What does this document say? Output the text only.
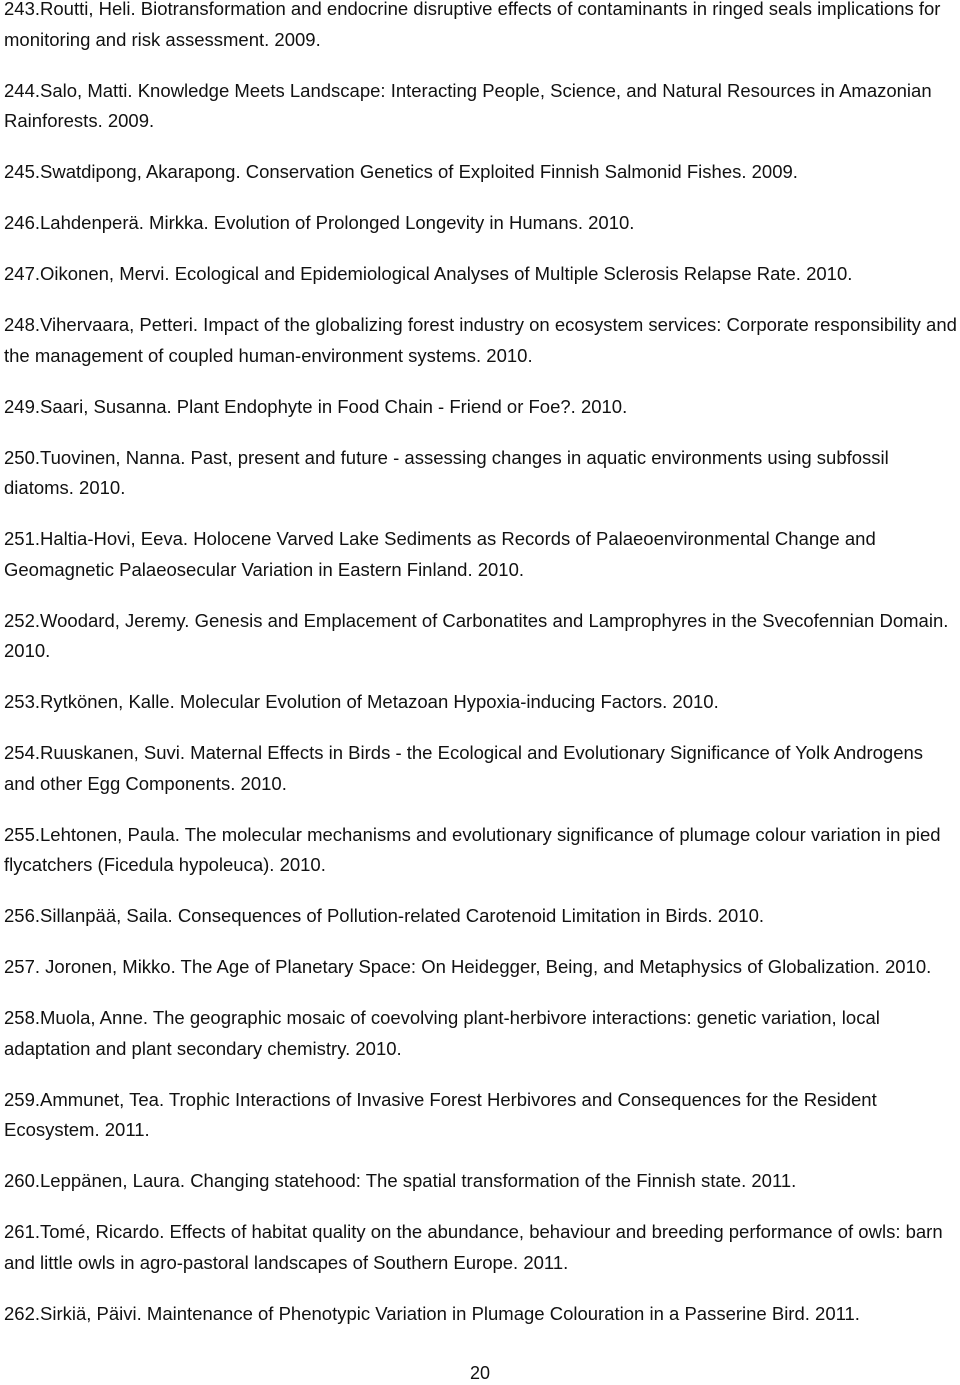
243.Routti, Heli. Biotransformation and endocrine disruptive effects of contaminants in ringed seals implications for monitoring and risk assessment. 2009.

244.Salo, Matti. Knowledge Meets Landscape: Interacting People, Science, and Natural Resources in Amazonian Rainforests. 2009.

245.Swatdipong, Akarapong. Conservation Genetics of Exploited Finnish Salmonid Fishes. 2009.

246.Lahdenperä. Mirkka. Evolution of Prolonged Longevity in Humans. 2010.

247.Oikonen, Mervi. Ecological and Epidemiological Analyses of Multiple Sclerosis Relapse Rate. 2010.

248.Vihervaara, Petteri. Impact of the globalizing forest industry on ecosystem services: Corporate responsibility and the management of coupled human-environment systems. 2010.

249.Saari, Susanna. Plant Endophyte in Food Chain - Friend or Foe?. 2010.

250.Tuovinen, Nanna. Past, present and future - assessing changes in aquatic environments using subfossil diatoms. 2010.

251.Haltia-Hovi, Eeva. Holocene Varved Lake Sediments as Records of Palaeoenvironmental Change and Geomagnetic Palaeosecular Variation in Eastern Finland. 2010.

252.Woodard, Jeremy. Genesis and Emplacement of Carbonatites and Lamprophyres in the Svecofennian Domain. 2010.

253.Rytkönen, Kalle. Molecular Evolution of Metazoan Hypoxia-inducing Factors. 2010.

254.Ruuskanen, Suvi. Maternal Effects in Birds - the Ecological and Evolutionary Significance of Yolk Androgens and other Egg Components. 2010.

255.Lehtonen, Paula. The molecular mechanisms and evolutionary significance of plumage colour variation in pied flycatchers (Ficedula hypoleuca). 2010.

256.Sillanpää, Saila. Consequences of Pollution-related Carotenoid Limitation in Birds. 2010.

257. Joronen, Mikko. The Age of Planetary Space: On Heidegger, Being, and Metaphysics of Globalization. 2010.

258.Muola, Anne. The geographic mosaic of coevolving plant-herbivore interactions: genetic variation, local adaptation and plant secondary chemistry. 2010.

259.Ammunet, Tea. Trophic Interactions of Invasive Forest Herbivores and Consequences for the Resident Ecosystem. 2011.

260.Leppänen, Laura. Changing statehood: The spatial transformation of the Finnish state. 2011.

261.Tomé, Ricardo. Effects of habitat quality on the abundance, behaviour and breeding performance of owls: barn and little owls in agro-pastoral landscapes of Southern Europe. 2011.

262.Sirkiä, Päivi. Maintenance of Phenotypic Variation in Plumage Colouration in a Passerine Bird. 2011.

20
